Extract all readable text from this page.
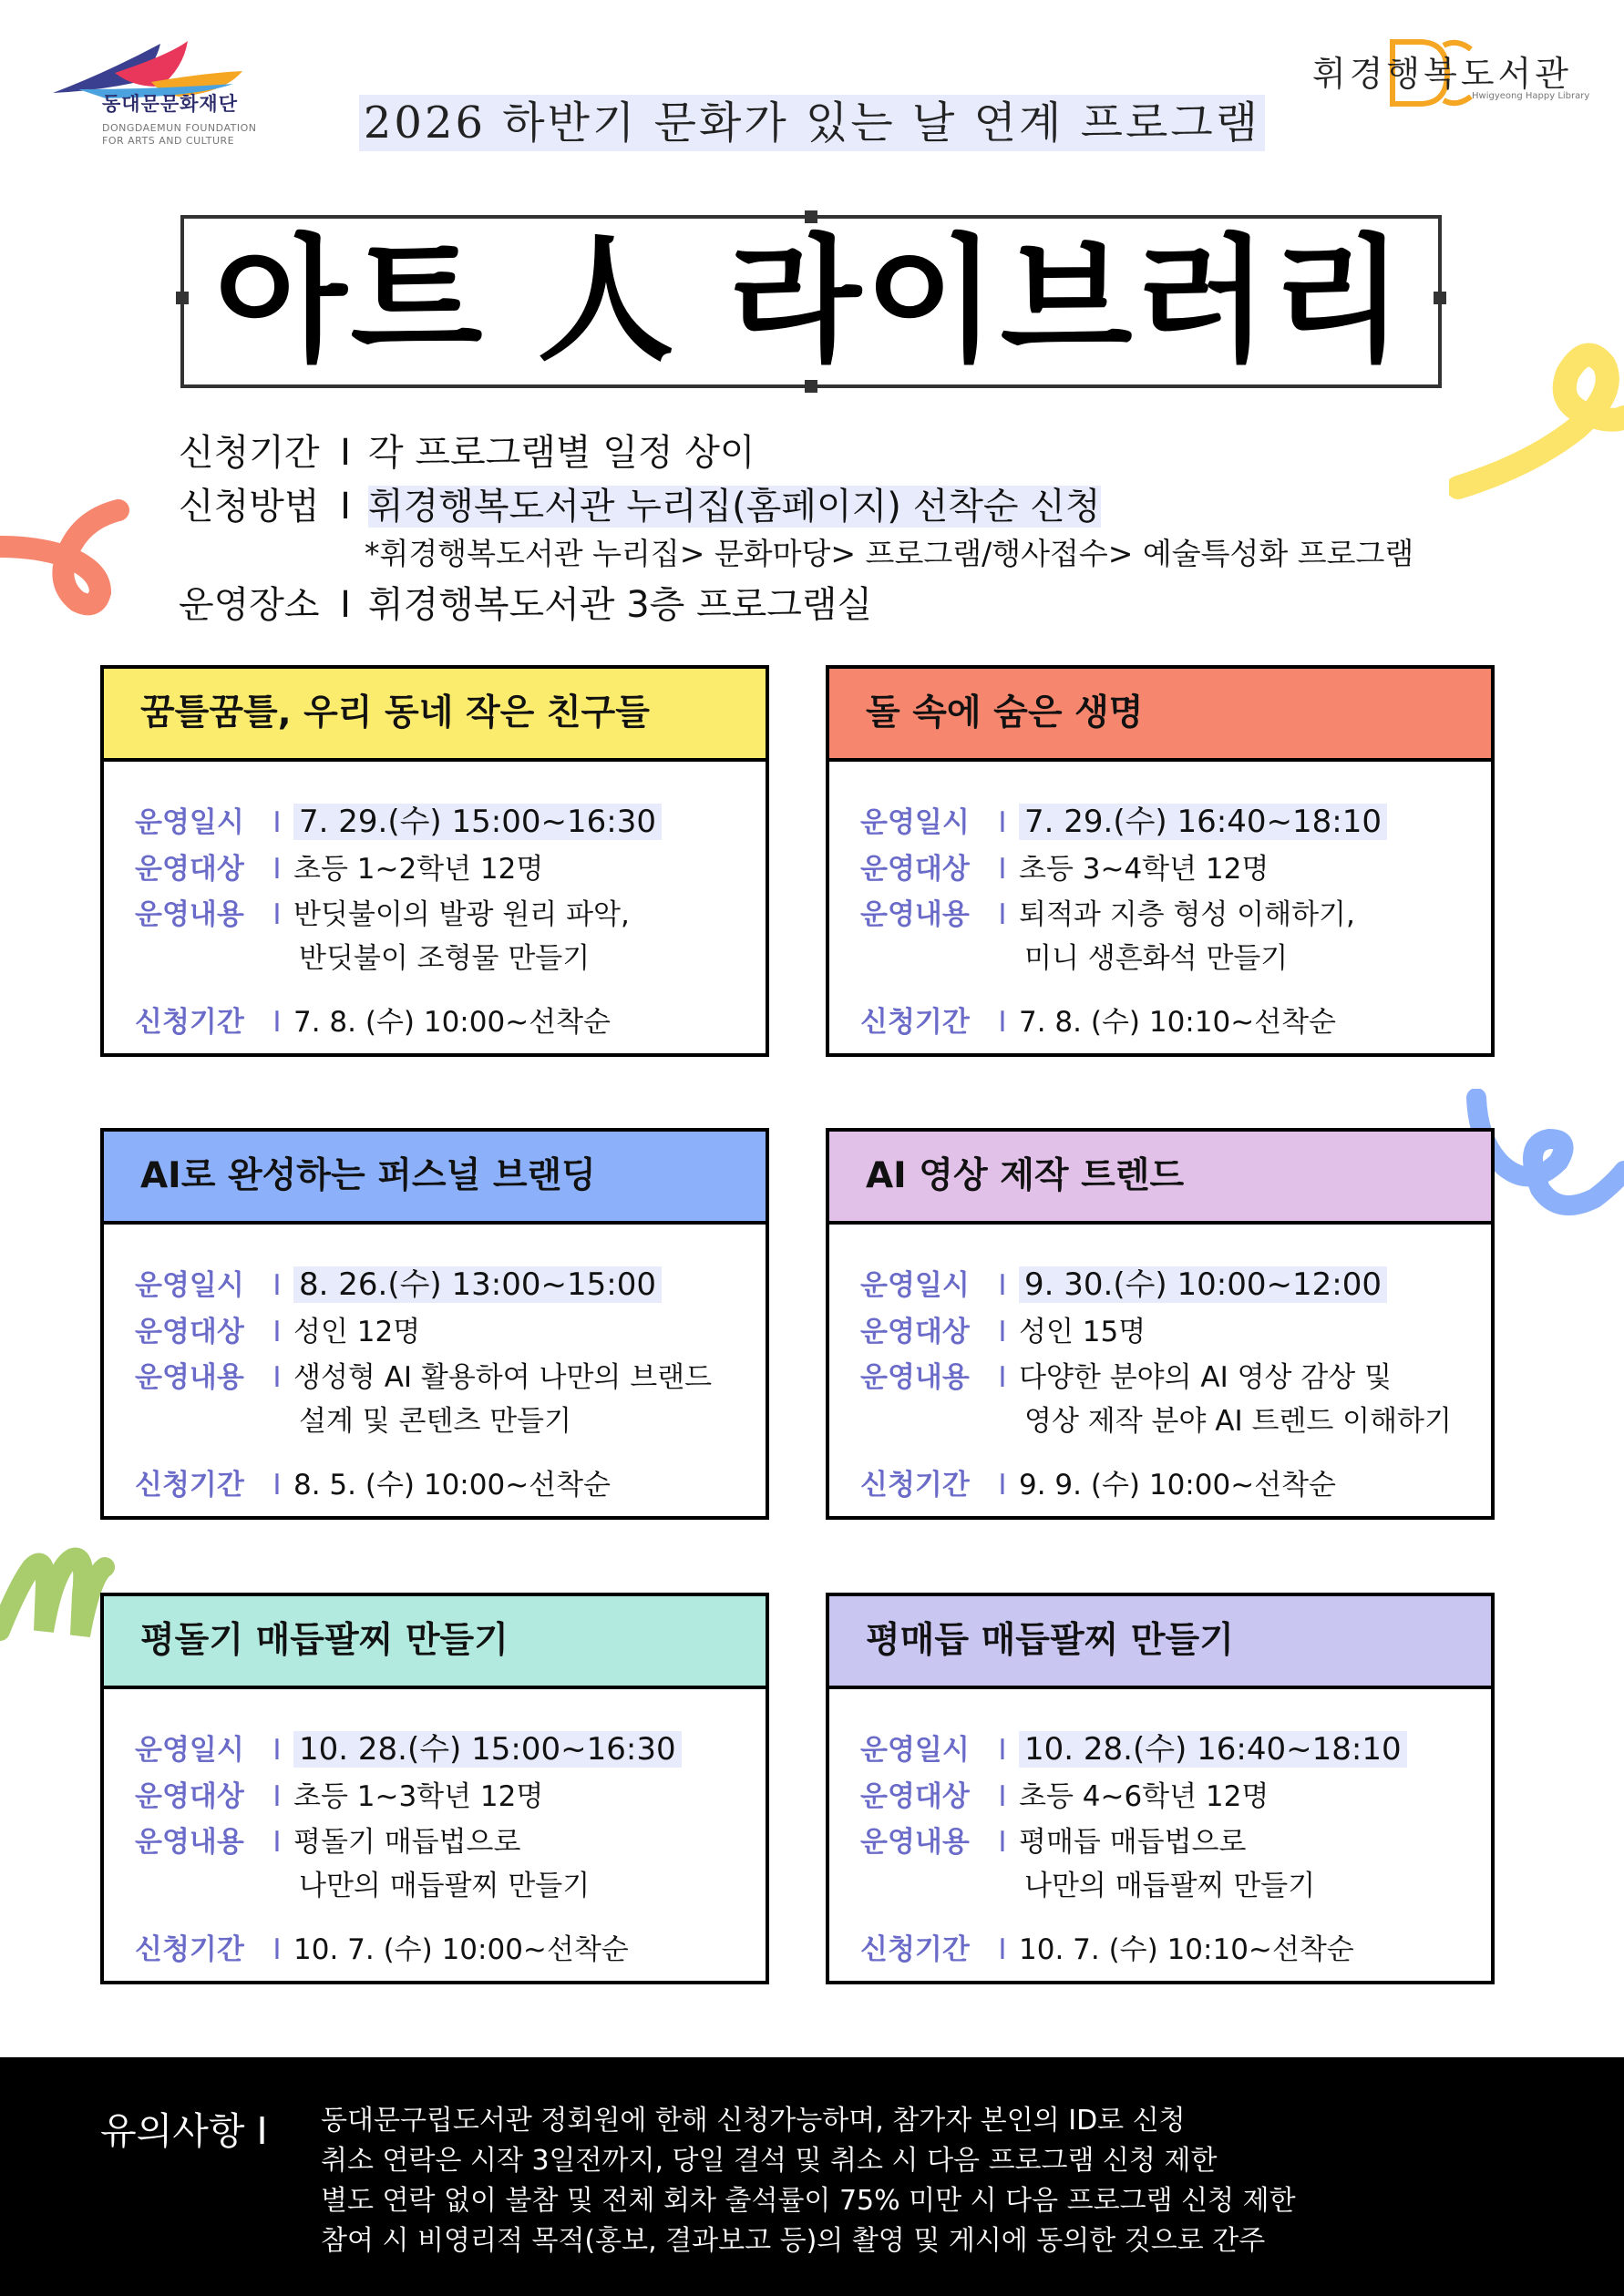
동대문문화재단
DONGDAEMUN FOUNDATION
FOR ARTS AND CULTURE
휘경행복도서관
Hwigyeong Happy Library
2026 하반기 문화가 있는 날 연계 프로그램
아트 人 라이브러리
신청기간 I 각 프로그램별 일정 상이
신청방법 I 휘경행복도서관 누리집(홈페이지) 선착순 신청
*휘경행복도서관 누리집> 문화마당> 프로그램/행사접수> 예술특성화 프로그램
운영장소 I 휘경행복도서관 3층 프로그램실
꿈틀꿈틀, 우리 동네 작은 친구들
운영일시 I 7. 29.(수) 15:00~16:30
운영대상 I 초등 1~2학년 12명
운영내용 I 반딧불이의 발광 원리 파악,
반딧불이 조형물 만들기
신청기간 I 7. 8. (수) 10:00~선착순
돌 속에 숨은 생명
운영일시 I 7. 29.(수) 16:40~18:10
운영대상 I 초등 3~4학년 12명
운영내용 I 퇴적과 지층 형성 이해하기,
미니 생흔화석 만들기
신청기간 I 7. 8. (수) 10:10~선착순
AI로 완성하는 퍼스널 브랜딩
운영일시 I 8. 26.(수) 13:00~15:00
운영대상 I 성인 12명
운영내용 I 생성형 AI 활용하여 나만의 브랜드
설계 및 콘텐츠 만들기
신청기간 I 8. 5. (수) 10:00~선착순
AI 영상 제작 트렌드
운영일시 I 9. 30.(수) 10:00~12:00
운영대상 I 성인 15명
운영내용 I 다양한 분야의 AI 영상 감상 및
영상 제작 분야 AI 트렌드 이해하기
신청기간 I 9. 9. (수) 10:00~선착순
평돌기 매듭팔찌 만들기
운영일시 I 10. 28.(수) 15:00~16:30
운영대상 I 초등 1~3학년 12명
운영내용 I 평돌기 매듭법으로
나만의 매듭팔찌 만들기
신청기간 I 10. 7. (수) 10:00~선착순
평매듭 매듭팔찌 만들기
운영일시 I 10. 28.(수) 16:40~18:10
운영대상 I 초등 4~6학년 12명
운영내용 I 평매듭 매듭법으로
나만의 매듭팔찌 만들기
신청기간 I 10. 7. (수) 10:10~선착순
유의사항 I 동대문구립도서관 정회원에 한해 신청가능하며, 참가자 본인의 ID로 신청
취소 연락은 시작 3일전까지, 당일 결석 및 취소 시 다음 프로그램 신청 제한
별도 연락 없이 불참 및 전체 회차 출석률이 75% 미만 시 다음 프로그램 신청 제한
참여 시 비영리적 목적(홍보, 결과보고 등)의 촬영 및 게시에 동의한 것으로 간주
